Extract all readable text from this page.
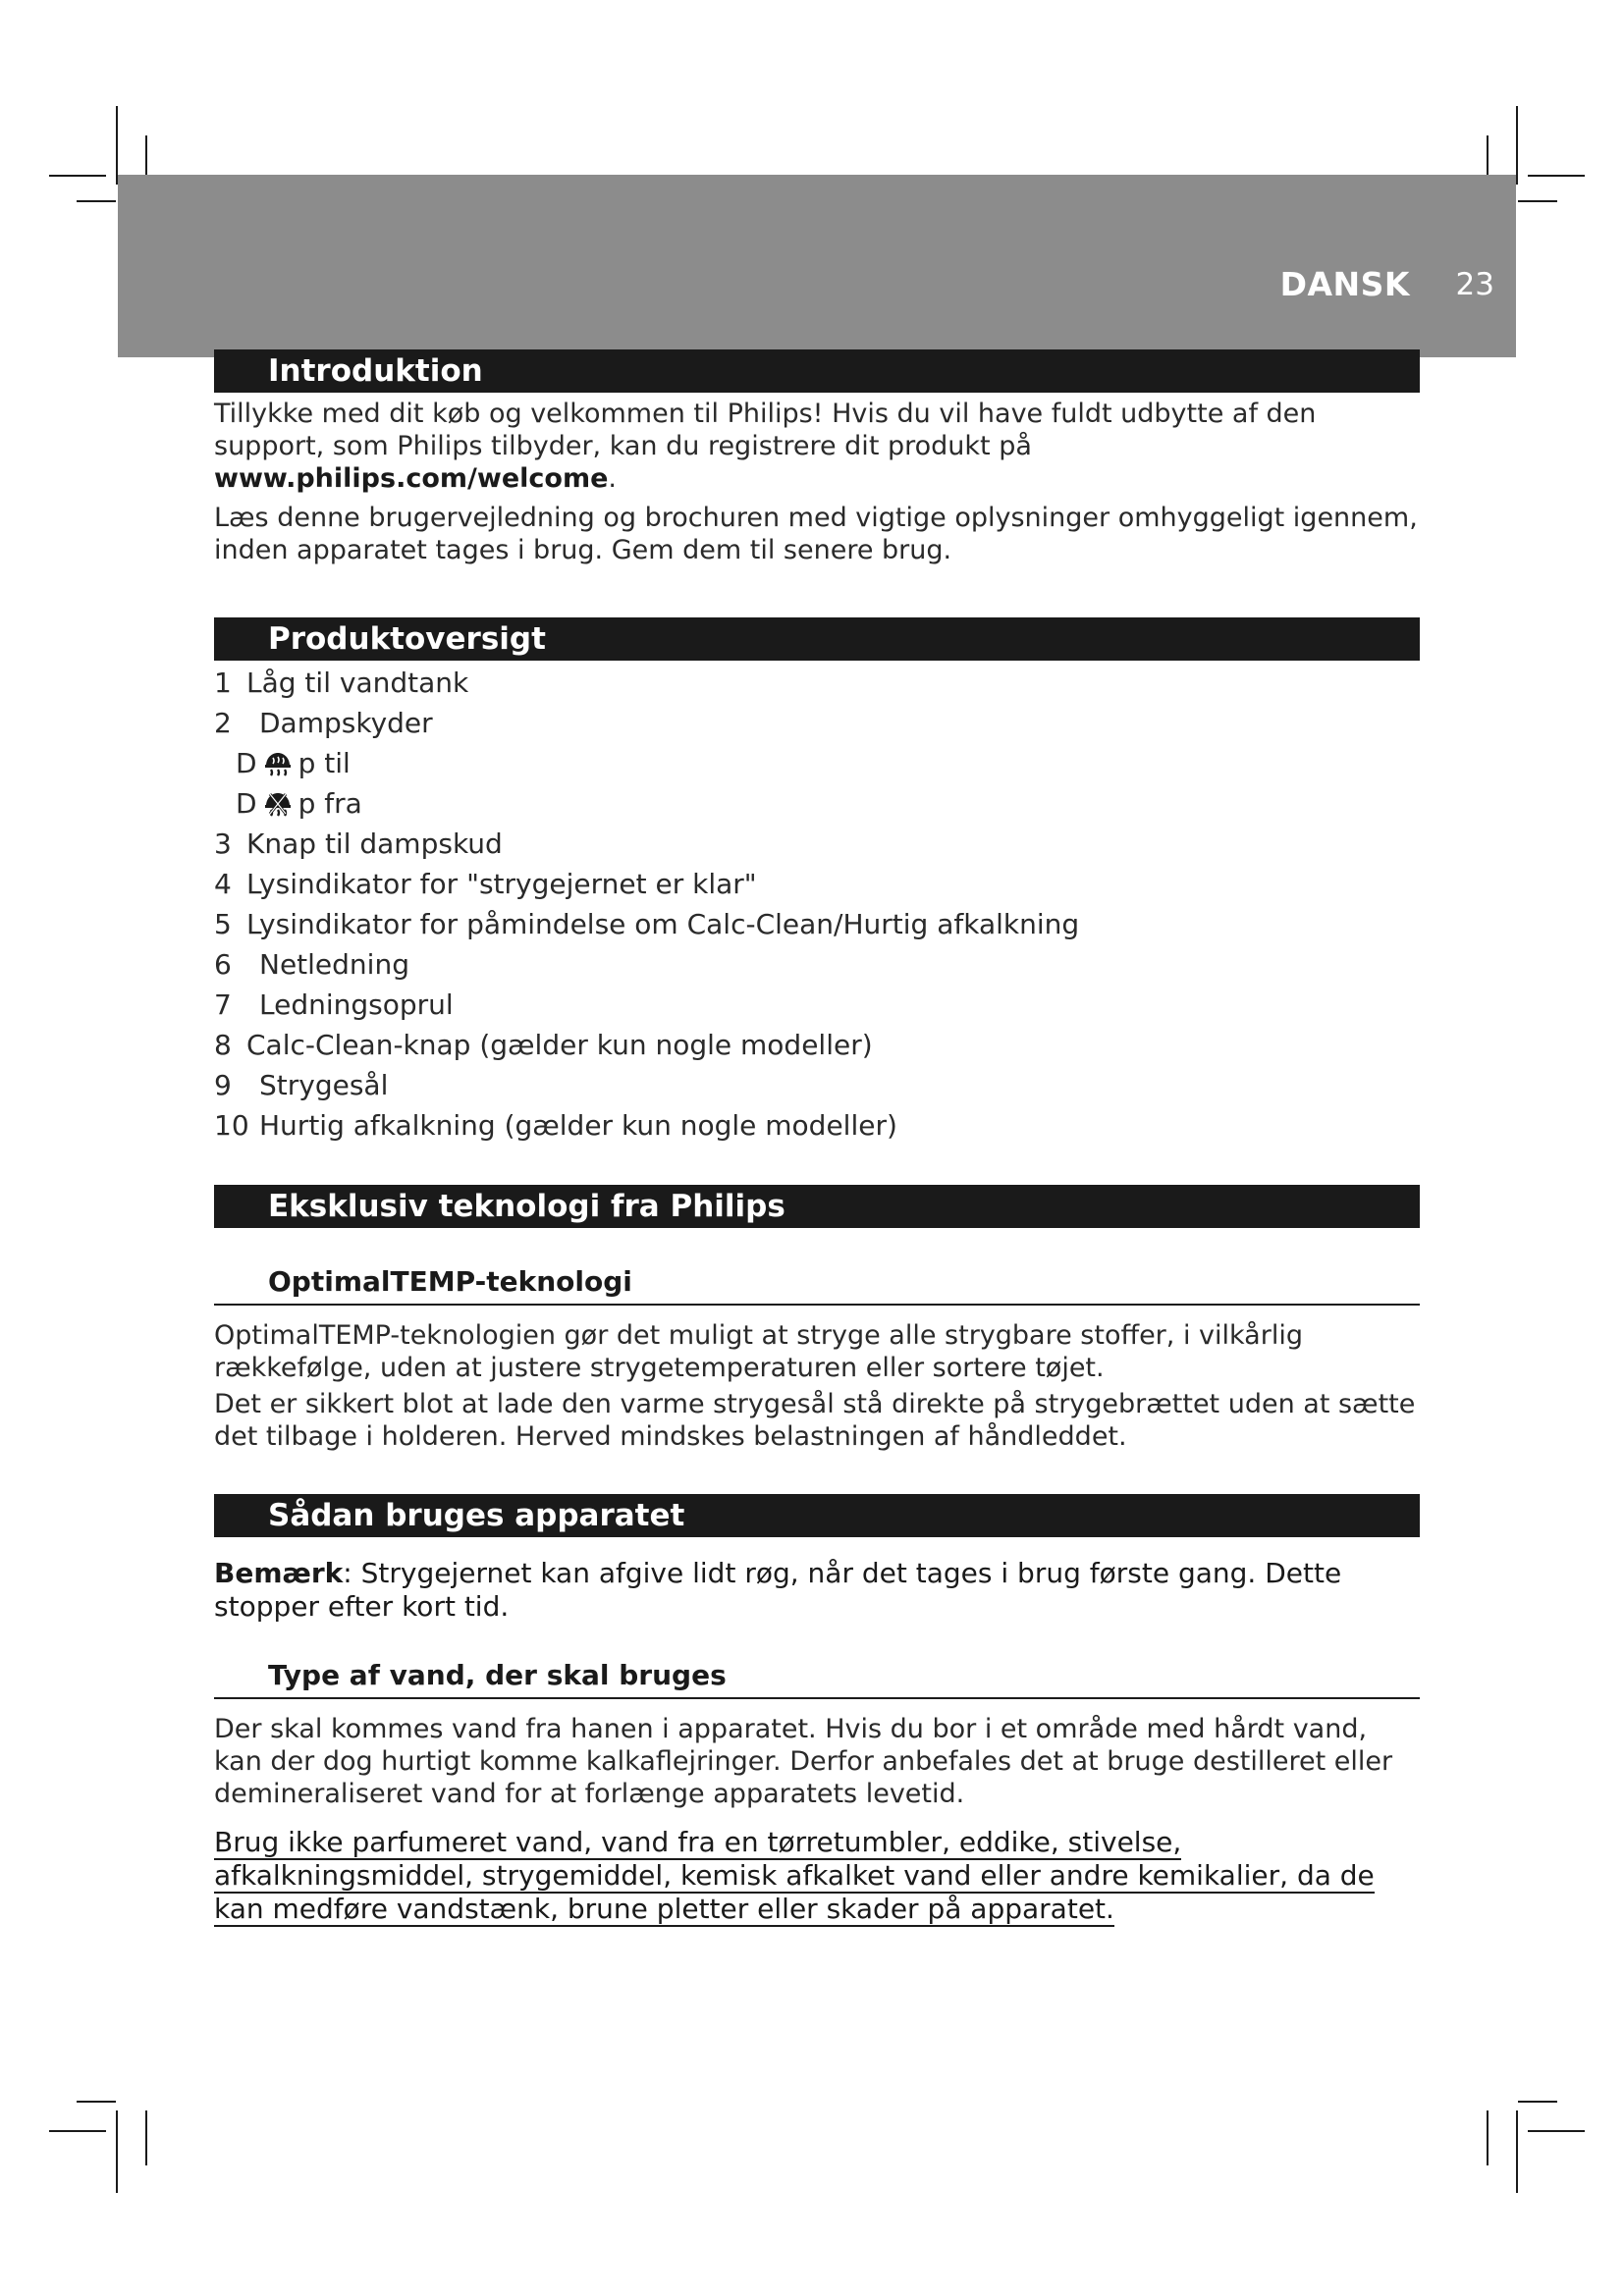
DANSK 23
Introduktion

Tillykke med dit køb og velkommen til Philips! Hvis du vil have fuldt udbytte af den support, som Philips tilbyder, kan du registrere dit produkt på www.philips.com/welcome.

Læs denne brugervejledning og brochuren med vigtige oplysninger omhyggeligt igennem, inden apparatet tages i brug. Gem dem til senere brug.

Produktoversigt
1 Låg til vandtank
2	Dampskyder
D p til
D p fra
3 Knap til dampskud
4 Lysindikator for "strygejernet er klar"
5 Lysindikator for påmindelse om Calc-Clean/Hurtig afkalkning
6	Netledning
7	Ledningsoprul
8 Calc-Clean-knap (gælder kun nogle modeller)
9	Strygesål
10 Hurtig afkalkning (gælder kun nogle modeller)
Eksklusiv teknologi fra Philips
OptimalTEMP-teknologi

OptimalTEMP-teknologien gør det muligt at stryge alle strygbare stoffer, i vilkårlig rækkefølge, uden at justere strygetemperaturen eller sortere tøjet.

Det er sikkert blot at lade den varme strygesål stå direkte på strygebrættet uden at sætte det tilbage i holderen. Herved mindskes belastningen af håndleddet.

Sådan bruges apparatet

Bemærk: Strygejernet kan afgive lidt røg, når det tages i brug første gang. Dette stopper efter kort tid.

Type af vand, der skal bruges

Der skal kommes vand fra hanen i apparatet. Hvis du bor i et område med hårdt vand, kan der dog hurtigt komme kalkaflejringer. Derfor anbefales det at bruge destilleret eller demineraliseret vand for at forlænge apparatets levetid.

Brug ikke parfumeret vand, vand fra en tørretumbler, eddike, stivelse, afkalkningsmiddel, strygemiddel, kemisk afkalket vand eller andre kemikalier, da de kan medføre vandstænk, brune pletter eller skader på apparatet.
